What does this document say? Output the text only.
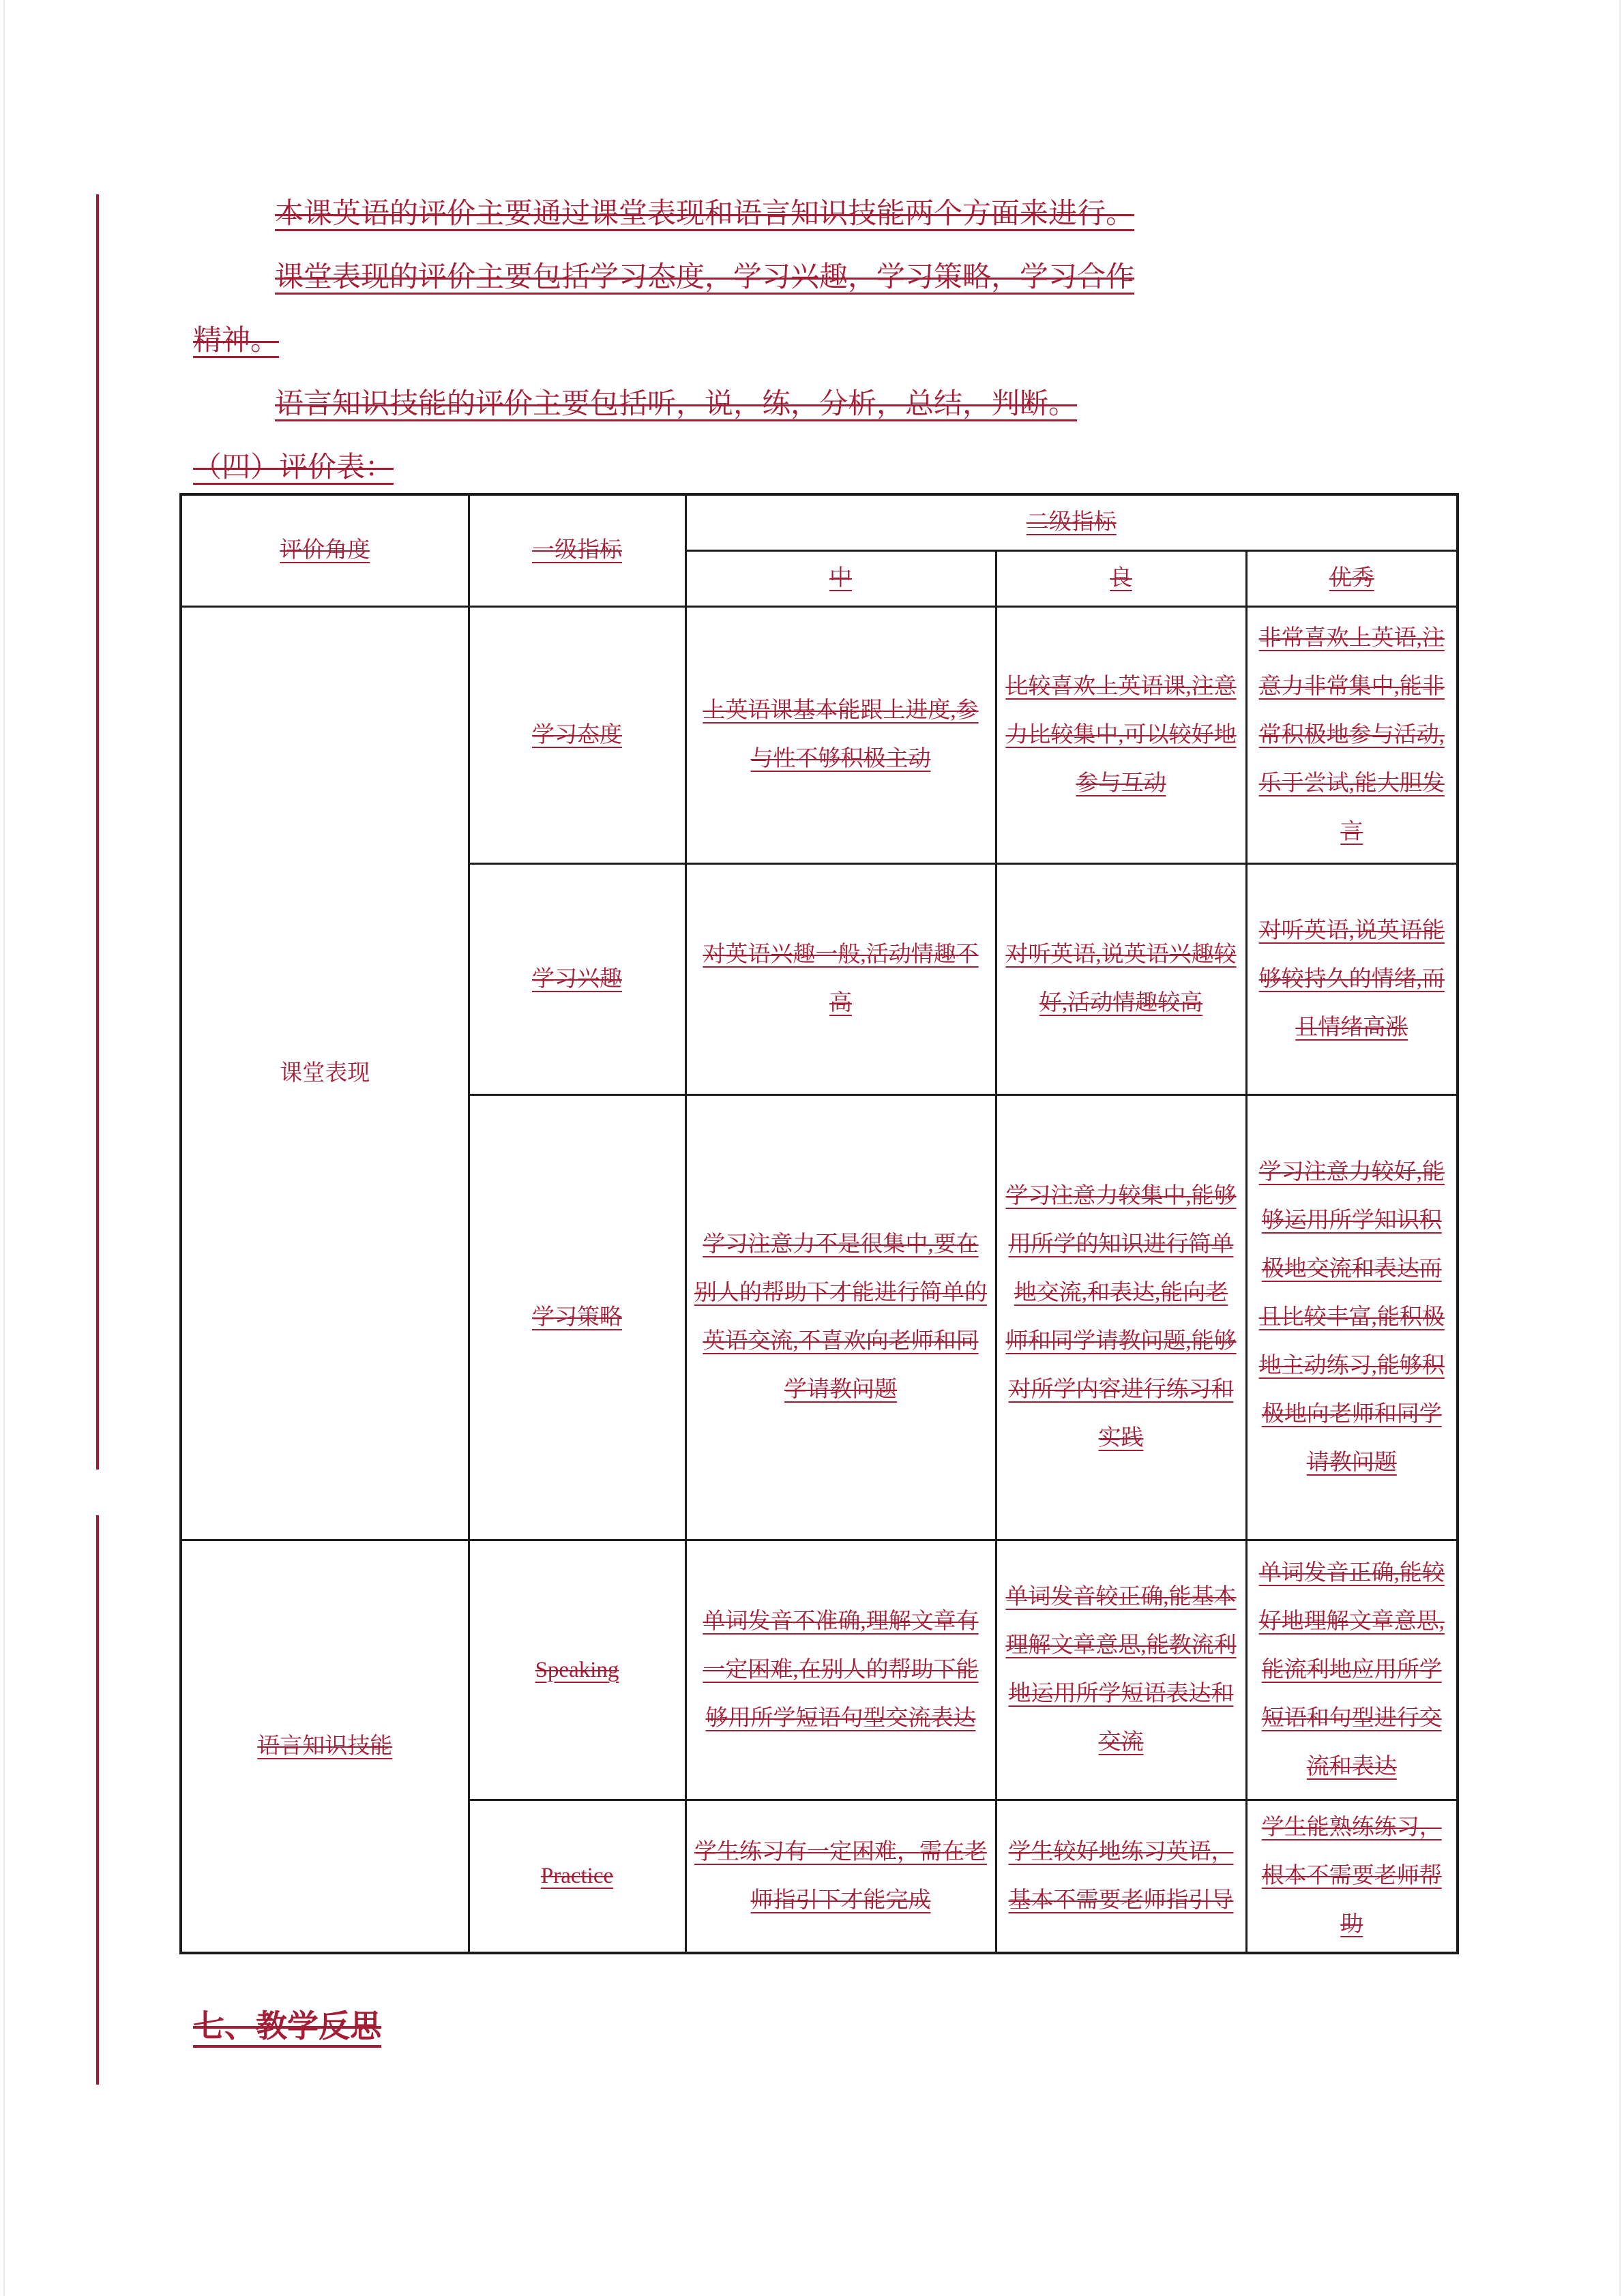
本课英语的评价主要通过课堂表现和语言知识技能两个方面来进行。

课堂表现的评价主要包括学习态度，学习兴趣，学习策略，学习合作

精神。

语言知识技能的评价主要包括听，说，练，分析，总结，判断。

（四）评价表：

评价角度	一级指标	二级指标		
		中	良	优秀
课堂表现	学习态度	上英语课基本能跟上进度,参与性不够积极主动	比较喜欢上英语课,注意力比较集中,可以较好地参与互动	非常喜欢上英语,注意力非常集中,能非常积极地参与活动,乐于尝试,能大胆发言
	学习兴趣	对英语兴趣一般,活动情趣不高	对听英语,说英语兴趣较好,活动情趣较高	对听英语,说英语能够较持久的情绪,而且情绪高涨
	学习策略	学习注意力不是很集中,要在别人的帮助下才能进行简单的英语交流,不喜欢向老师和同学请教问题	学习注意力较集中,能够用所学的知识进行简单地交流,和表达,能向老师和同学请教问题,能够对所学内容进行练习和实践	学习注意力较好,能够运用所学知识积极地交流和表达而且比较丰富,能积极地主动练习,能够积极地向老师和同学请教问题
语言知识技能	Speaking	单词发音不准确,理解文章有一定困难,在别人的帮助下能够用所学短语句型交流表达	单词发音较正确,能基本理解文章意思,能教流利地运用所学短语表达和交流	单词发音正确,能较好地理解文章意思,能流利地应用所学短语和句型进行交流和表达
	Practice	学生练习有一定困难，需在老师指引下才能完成	学生较好地练习英语，基本不需要老师指引导	学生能熟练练习，根本不需要老师帮助
七、教学反思
